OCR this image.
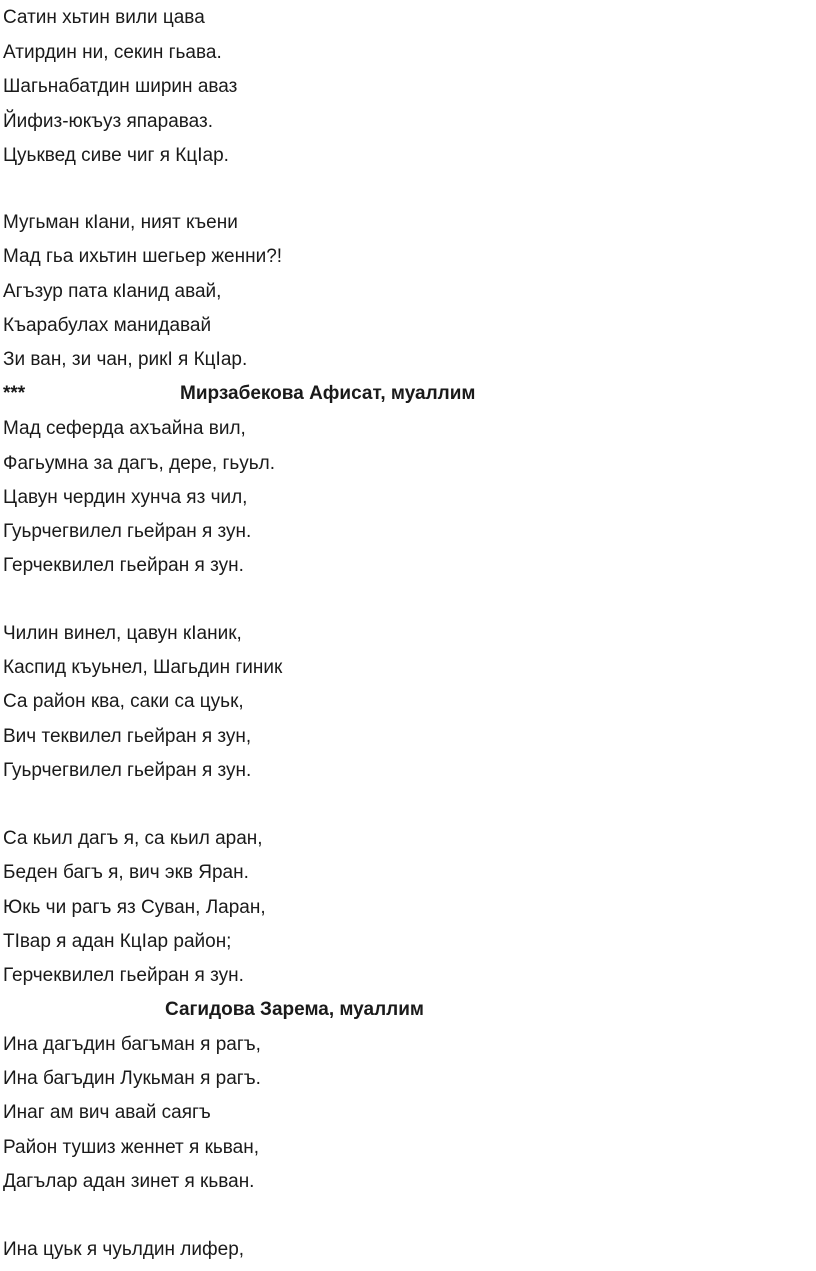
Сатин хьтин вили цава
Атирдин ни, секин гьава.
Шагьнабатдин ширин аваз
Йифиз-юкъуз япараваз.
Цуьквед сиве чиг я КцIар.
Мугьман кIани, ният къени
Мад гьа ихьтин шегьер женни?!
Агъзур пата кIанид авай,
Къарабулах манидавай
Зи ван, зи чан, рикI я КцIар.
***	Мирзабекова Афисат, муаллим
Мад сеферда ахъайна вил,
Фагьумна за дагъ, дере, гьуьл.
Цавун чердин хунча яз чил,
Гуьрчегвилел гьейран я зун.
Герчеквилел гьейран я зун.
Чилин винел, цавун кIаник,
Каспид къуьнел, Шагьдин гиник
Са район ква, саки са цуьк,
Вич теквилел гьейран я зун,
Гуьрчегвилел гьейран я зун.
Са кьил дагъ я, са кьил аран,
Беден багъ я, вич экв Яран.
Юкь чи рагъ яз Суван, Ларан,
ТIвар я адан КцIар район;
Герчеквилел гьейран я зун.
Сагидова Зарема, муаллим
Ина дагъдин багъман я рагъ,
Ина багъдин Лукьман я рагъ.
Инаг ам вич авай саягъ
Район тушиз женнет я кьван,
Дагълар адан зинет я кьван.
Ина цуьк я чуьлдин лифер,
